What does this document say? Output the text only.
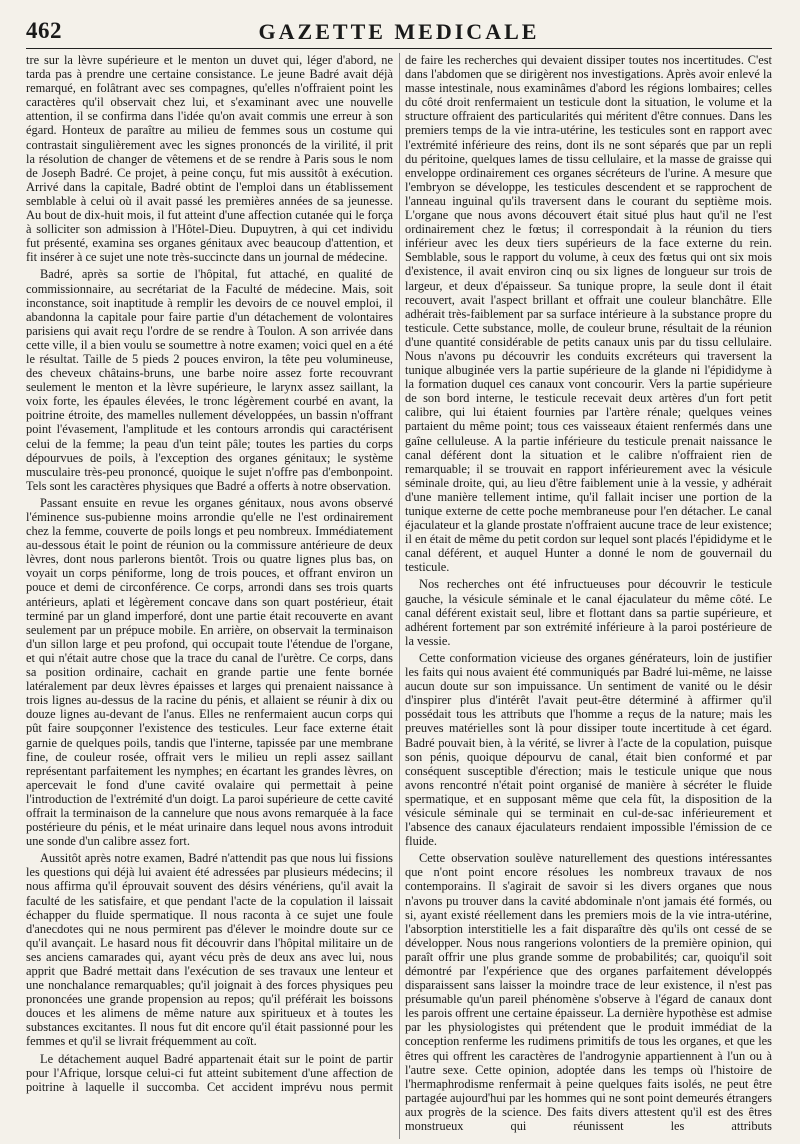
462	GAZETTE MEDICALE

tre sur la lèvre supérieure et le menton un duvet qui, léger d'abord, ne tarda pas à prendre une certaine consistance. Le jeune Badré avait déjà remarqué, en folâtrant avec ses compagnes, qu'elles n'offraient point les caractères qu'il observait chez lui, et s'examinant avec une nouvelle attention, il se confirma dans l'idée qu'on avait commis une erreur à son égard. Honteux de paraître au milieu de femmes sous un costume qui contrastait singulièrement avec les signes prononcés de la virilité, il prit la résolution de changer de vêtemens et de se rendre à Paris sous le nom de Joseph Badré. Ce projet, à peine conçu, fut mis aussitôt à exécution. Arrivé dans la capitale, Badré obtint de l'emploi dans un établissement semblable à celui où il avait passé les premières années de sa jeunesse. Au bout de dix-huit mois, il fut atteint d'une affection cutanée qui le força à solliciter son admission à l'Hôtel-Dieu. Dupuytren, à qui cet individu fut présenté, examina ses organes génitaux avec beaucoup d'attention, et fit insérer à ce sujet une note très-succincte dans un journal de médecine.

Badré, après sa sortie de l'hôpital, fut attaché, en qualité de commissionnaire, au secrétariat de la Faculté de médecine. Mais, soit inconstance, soit inaptitude à remplir les devoirs de ce nouvel emploi, il abandonna la capitale pour faire partie d'un détachement de volontaires parisiens qui avait reçu l'ordre de se rendre à Toulon. A son arrivée dans cette ville, il a bien voulu se soumettre à notre examen; voici quel en a été le résultat. Taille de 5 pieds 2 pouces environ, la tête peu volumineuse, des cheveux châtains-bruns, une barbe noire assez forte recouvrant seulement le menton et la lèvre supérieure, le larynx assez saillant, la voix forte, les épaules élevées, le tronc légèrement courbé en avant, la poitrine étroite, des mamelles nullement développées, un bassin n'offrant point l'évasement, l'amplitude et les contours arrondis qui caractérisent celui de la femme; la peau d'un teint pâle; toutes les parties du corps dépourvues de poils, à l'exception des organes génitaux; le système musculaire très-peu prononcé, quoique le sujet n'offre pas d'embonpoint. Tels sont les caractères physiques que Badré a offerts à notre observation.

Passant ensuite en revue les organes génitaux, nous avons observé l'éminence sus-pubienne moins arrondie qu'elle ne l'est ordinairement chez la femme, couverte de poils longs et peu nombreux. Immédiatement au-dessous était le point de réunion ou la commissure antérieure de deux lèvres, dont nous parlerons bientôt. Trois ou quatre lignes plus bas, on voyait un corps péniforme, long de trois pouces, et offrant environ un pouce et demi de circonférence. Ce corps, arrondi dans ses trois quarts antérieurs, aplati et légèrement concave dans son quart postérieur, était terminé par un gland imperforé, dont une partie était recouverte en avant seulement par un prépuce mobile. En arrière, on observait la terminaison d'un sillon large et peu profond, qui occupait toute l'étendue de l'organe, et qui n'était autre chose que la trace du canal de l'urètre. Ce corps, dans sa position ordinaire, cachait en grande partie une fente bornée latéralement par deux lèvres épaisses et larges qui prenaient naissance à trois lignes au-dessus de la racine du pénis, et allaient se réunir à dix ou douze lignes au-devant de l'anus. Elles ne renfermaient aucun corps qui pût faire soupçonner l'existence des testicules. Leur face externe était garnie de quelques poils, tandis que l'interne, tapissée par une membrane fine, de couleur rosée, offrait vers le milieu un repli assez saillant représentant parfaitement les nymphes; en écartant les grandes lèvres, on apercevait le fond d'une cavité ovalaire qui permettait à peine l'introduction de l'extrémité d'un doigt. La paroi supérieure de cette cavité offrait la terminaison de la cannelure que nous avons remarquée à la face postérieure du pénis, et le méat urinaire dans lequel nous avons introduit une sonde d'un calibre assez fort.

Aussitôt après notre examen, Badré n'attendit pas que nous lui fissions les questions qui déjà lui avaient été adressées par plusieurs médecins; il nous affirma qu'il éprouvait souvent des désirs vénériens, qu'il avait la faculté de les satisfaire, et que pendant l'acte de la copulation il laissait échapper du fluide spermatique. Il nous raconta à ce sujet une foule d'anecdotes qui ne nous permirent pas d'élever le moindre doute sur ce qu'il avançait. Le hasard nous fit découvrir dans l'hôpital militaire un de ses anciens camarades qui, ayant vécu près de deux ans avec lui, nous apprit que Badré mettait dans l'exécution de ses travaux une lenteur et une nonchalance remarquables; qu'il joignait à des forces physiques peu prononcées une grande propension au repos; qu'il préférait les boissons douces et les alimens de même nature aux spiritueux et à toutes les substances excitantes. Il nous fut dit encore qu'il était passionné pour les femmes et qu'il se livrait fréquemment au coït.

Le détachement auquel Badré appartenait était sur le point de partir pour l'Afrique, lorsque celui-ci fut atteint subitement d'une affection de poitrine à laquelle il succomba. Cet accident imprévu nous permit

de faire les recherches qui devaient dissiper toutes nos incertitudes. C'est dans l'abdomen que se dirigèrent nos investigations. Après avoir enlevé la masse intestinale, nous examinâmes d'abord les régions lombaires; celles du côté droit renfermaient un testicule dont la situation, le volume et la structure offraient des particularités qui méritent d'être connues. Dans les premiers temps de la vie intra-utérine, les testicules sont en rapport avec l'extrémité inférieure des reins, dont ils ne sont séparés que par un repli du péritoine, quelques lames de tissu cellulaire, et la masse de graisse qui enveloppe ordinairement ces organes sécréteurs de l'urine. A mesure que l'embryon se développe, les testicules descendent et se rapprochent de l'anneau inguinal qu'ils traversent dans le courant du septième mois. L'organe que nous avons découvert était situé plus haut qu'il ne l'est ordinairement chez le fœtus; il correspondait à la réunion du tiers inférieur avec les deux tiers supérieurs de la face externe du rein. Semblable, sous le rapport du volume, à ceux des fœtus qui ont six mois d'existence, il avait environ cinq ou six lignes de longueur sur trois de largeur, et deux d'épaisseur. Sa tunique propre, la seule dont il était recouvert, avait l'aspect brillant et offrait une couleur blanchâtre. Elle adhérait très-faiblement par sa surface intérieure à la substance propre du testicule. Cette substance, molle, de couleur brune, résultait de la réunion d'une quantité considérable de petits canaux unis par du tissu cellulaire. Nous n'avons pu découvrir les conduits excréteurs qui traversent la tunique albuginée vers la partie supérieure de la glande ni l'épididyme à la formation duquel ces canaux vont concourir. Vers la partie supérieure de son bord interne, le testicule recevait deux artères d'un fort petit calibre, qui lui étaient fournies par l'artère rénale; quelques veines partaient du même point; tous ces vaisseaux étaient renfermés dans une gaîne celluleuse. A la partie inférieure du testicule prenait naissance le canal déférent dont la situation et le calibre n'offraient rien de remarquable; il se trouvait en rapport inférieurement avec la vésicule séminale droite, qui, au lieu d'être faiblement unie à la vessie, y adhérait d'une manière tellement intime, qu'il fallait inciser une portion de la tunique externe de cette poche membraneuse pour l'en détacher. Le canal éjaculateur et la glande prostate n'offraient aucune trace de leur existence; il en était de même du petit cordon sur lequel sont placés l'épididyme et le canal déférent, et auquel Hunter a donné le nom de gouvernail du testicule.

Nos recherches ont été infructueuses pour découvrir le testicule gauche, la vésicule séminale et le canal éjaculateur du même côté. Le canal déférent existait seul, libre et flottant dans sa partie supérieure, et adhérent fortement par son extrémité inférieure à la paroi postérieure de la vessie.

Cette conformation vicieuse des organes générateurs, loin de justifier les faits qui nous avaient été communiqués par Badré lui-même, ne laisse aucun doute sur son impuissance. Un sentiment de vanité ou le désir d'inspirer plus d'intérêt l'avait peut-être déterminé à affirmer qu'il possédait tous les attributs que l'homme a reçus de la nature; mais les preuves matérielles sont là pour dissiper toute incertitude à cet égard. Badré pouvait bien, à la vérité, se livrer à l'acte de la copulation, puisque son pénis, quoique dépourvu de canal, était bien conformé et par conséquent susceptible d'érection; mais le testicule unique que nous avons rencontré n'était point organisé de manière à sécréter le fluide spermatique, et en supposant même que cela fût, la disposition de la vésicule séminale qui se terminait en cul-de-sac inférieurement et l'absence des canaux éjaculateurs rendaient impossible l'émission de ce fluide.

Cette observation soulève naturellement des questions intéressantes que n'ont point encore résolues les nombreux travaux de nos contemporains. Il s'agirait de savoir si les divers organes que nous n'avons pu trouver dans la cavité abdominale n'ont jamais été formés, ou si, ayant existé réellement dans les premiers mois de la vie intra-utérine, l'absorption interstitielle les a fait disparaître dès qu'ils ont cessé de se développer. Nous nous rangerions volontiers de la première opinion, qui paraît offrir une plus grande somme de probabilités; car, quoiqu'il soit démontré par l'expérience que des organes parfaitement développés disparaissent sans laisser la moindre trace de leur existence, il n'est pas présumable qu'un pareil phénomène s'observe à l'égard de canaux dont les parois offrent une certaine épaisseur. La dernière hypothèse est admise par les physiologistes qui prétendent que le produit immédiat de la conception renferme les rudimens primitifs de tous les organes, et que les êtres qui offrent les caractères de l'androgynie appartiennent à l'un ou à l'autre sexe. Cette opinion, adoptée dans les temps où l'histoire de l'hermaphrodisme renfermait à peine quelques faits isolés, ne peut être partagée aujourd'hui par les hommes qui ne sont point demeurés étrangers aux progrès de la science. Des faits divers attestent qu'il est des êtres monstrueux qui réunissent les attributs
